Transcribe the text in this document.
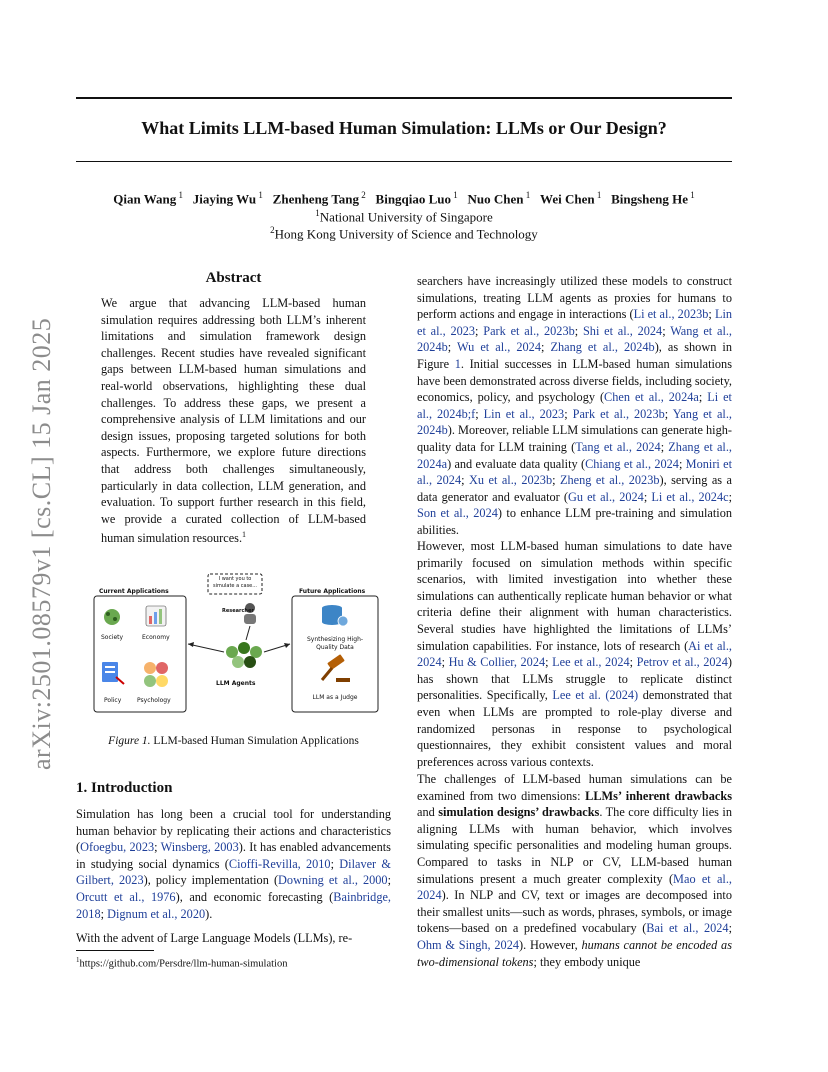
arXiv:2501.08579v1 [cs.CL] 15 Jan 2025
What Limits LLM-based Human Simulation: LLMs or Our Design?
Qian Wang $^1$ Jiaying Wu $^1$ Zhenheng Tang $^2$ Bingqiao Luo $^1$ Nuo Chen $^1$ Wei Chen $^1$ Bingsheng He $^1$
$^1$National University of Singapore
$^2$Hong Kong University of Science and Technology
Abstract
We argue that advancing LLM-based human simulation requires addressing both LLM’s inherent limitations and simulation framework design challenges. Recent studies have revealed significant gaps between LLM-based human simulations and real-world observations, highlighting these dual challenges. To address these gaps, we present a comprehensive analysis of LLM limitations and our design issues, proposing targeted solutions for both aspects. Furthermore, we explore future directions that address both challenges simultaneously, particularly in data collection, LLM generation, and evaluation. To support further research in this field, we provide a curated collection of LLM-based human simulation resources.$^1$
Current Applications	Future Applications
I want you to simulate a case...
Researcher
LLM Agents
Society	Economy
Policy	Psychology
Synthesizing High-Quality Data
LLM as a Judge
Figure 1. LLM-based Human Simulation Applications
1. Introduction

Simulation has long been a crucial tool for understanding human behavior by replicating their actions and characteristics (Ofoegbu, 2023; Winsberg, 2003). It has enabled advancements in studying social dynamics (Cioffi-Revilla, 2010; Dilaver & Gilbert, 2023), policy implementation (Downing et al., 2000; Orcutt et al., 1976), and economic forecasting (Bainbridge, 2018; Dignum et al., 2020).

With the advent of Large Language Models (LLMs), re-

$^1$https://github.com/Persdre/llm-human-simulation

searchers have increasingly utilized these models to construct simulations, treating LLM agents as proxies for humans to perform actions and engage in interactions (Li et al., 2023b; Lin et al., 2023; Park et al., 2023b; Shi et al., 2024; Wang et al., 2024b; Wu et al., 2024; Zhang et al., 2024b), as shown in Figure 1. Initial successes in LLM-based human simulations have been demonstrated across diverse fields, including society, economics, policy, and psychology (Chen et al., 2024a; Li et al., 2024b;f; Lin et al., 2023; Park et al., 2023b; Yang et al., 2024b). Moreover, reliable LLM simulations can generate high-quality data for LLM training (Tang et al., 2024; Zhang et al., 2024a) and evaluate data quality (Chiang et al., 2024; Moniri et al., 2024; Xu et al., 2023b; Zheng et al., 2023b), serving as a data generator and evaluator (Gu et al., 2024; Li et al., 2024c; Son et al., 2024) to enhance LLM pre-training and simulation abilities.

However, most LLM-based human simulations to date have primarily focused on simulation methods within specific scenarios, with limited investigation into whether these simulations can authentically replicate human behavior or what criteria define their alignment with human characteristics. Several studies have highlighted the limitations of LLMs’ simulation capabilities. For instance, lots of research (Ai et al., 2024; Hu & Collier, 2024; Lee et al., 2024; Petrov et al., 2024) has shown that LLMs struggle to replicate distinct personalities. Specifically, Lee et al. (2024) demonstrated that even when LLMs are prompted to role-play diverse and randomized personas in response to psychological questionnaires, they exhibit consistent values and moral preferences across various contexts.

The challenges of LLM-based human simulations can be examined from two dimensions: LLMs’ inherent drawbacks and simulation designs’ drawbacks. The core difficulty lies in aligning LLMs with human behavior, which involves simulating specific personalities and modeling human groups. Compared to tasks in NLP or CV, LLM-based human simulations present a much greater complexity (Mao et al., 2024). In NLP and CV, text or images are decomposed into their smallest units—such as words, phrases, symbols, or image tokens—based on a predefined vocabulary (Bai et al., 2024; Ohm & Singh, 2024). However, humans cannot be encoded as two-dimensional tokens; they embody unique
